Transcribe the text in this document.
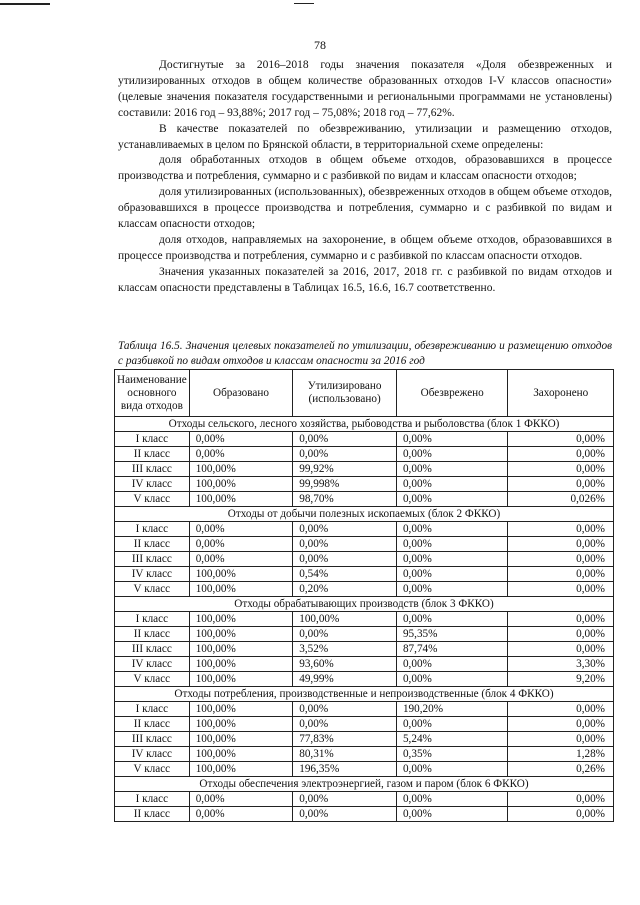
78

Достигнутые за 2016–2018 годы значения показателя «Доля обезвреженных и утилизированных отходов в общем количестве образованных отходов I-V классов опасности» (целевые значения показателя государственными и региональными программами не установлены) составили: 2016 год – 93,88%; 2017 год – 75,08%; 2018 год – 77,62%.

В качестве показателей по обезвреживанию, утилизации и размещению отходов, устанавливаемых в целом по Брянской области, в территориальной схеме определены:

доля обработанных отходов в общем объеме отходов, образовавшихся в процессе производства и потребления, суммарно и с разбивкой по видам и классам опасности отходов;

доля утилизированных (использованных), обезвреженных отходов в общем объеме отходов, образовавшихся в процессе производства и потребления, суммарно и с разбивкой по видам и классам опасности отходов;

доля отходов, направляемых на захоронение, в общем объеме отходов, образовавшихся в процессе производства и потребления, суммарно и с разбивкой по классам опасности отходов.

Значения указанных показателей за 2016, 2017, 2018 гг. с разбивкой по видам отходов и классам опасности представлены в Таблицах 16.5, 16.6, 16.7 соответственно.

Таблица 16.5. Значения целевых показателей по утилизации, обезвреживанию и размещению отходов с разбивкой по видам отходов и классам опасности за 2016 год
Наименование основного вида отходов	Образовано	Утилизировано (использовано)	Обезврежено	Захоронено
Отходы сельского, лесного хозяйства, рыбоводства и рыболовства (блок 1 ФККО)				
I класс	0,00%	0,00%	0,00%	0,00%
II класс	0,00%	0,00%	0,00%	0,00%
III класс	100,00%	99,92%	0,00%	0,00%
IV класс	100,00%	99,998%	0,00%	0,00%
V класс	100,00%	98,70%	0,00%	0,026%
Отходы от добычи полезных ископаемых (блок 2 ФККО)				
I класс	0,00%	0,00%	0,00%	0,00%
II класс	0,00%	0,00%	0,00%	0,00%
III класс	0,00%	0,00%	0,00%	0,00%
IV класс	100,00%	0,54%	0,00%	0,00%
V класс	100,00%	0,20%	0,00%	0,00%
Отходы обрабатывающих производств (блок 3 ФККО)				
I класс	100,00%	100,00%	0,00%	0,00%
II класс	100,00%	0,00%	95,35%	0,00%
III класс	100,00%	3,52%	87,74%	0,00%
IV класс	100,00%	93,60%	0,00%	3,30%
V класс	100,00%	49,99%	0,00%	9,20%
Отходы потребления, производственные и непроизводственные (блок 4 ФККО)				
I класс	100,00%	0,00%	190,20%	0,00%
II класс	100,00%	0,00%	0,00%	0,00%
III класс	100,00%	77,83%	5,24%	0,00%
IV класс	100,00%	80,31%	0,35%	1,28%
V класс	100,00%	196,35%	0,00%	0,26%
Отходы обеспечения электроэнергией, газом и паром (блок 6 ФККО)				
I класс	0,00%	0,00%	0,00%	0,00%
II класс	0,00%	0,00%	0,00%	0,00%
